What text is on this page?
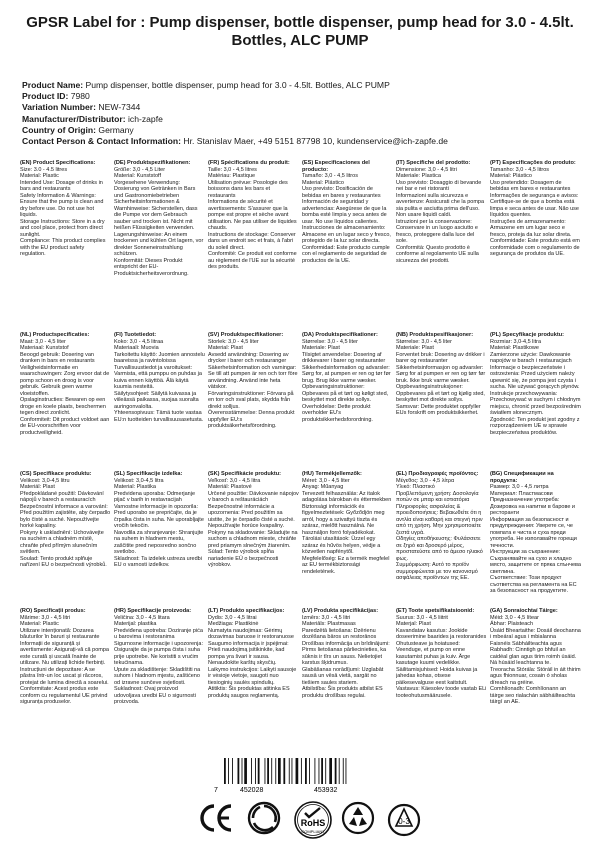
GPSR Label for : Pump dispenser, bottle dispenser, pump head for 3.0 - 4.5lt. Bottles, ALC PUMP
Product Name: Pump dispenser, bottle dispenser, pump head for 3.0 - 4.5lt. Bottles, ALC PUMP
Product ID: 7980
Variation Number: NEW-7344
Manufacturer/Distributor: ich-zapfe
Country of Origin: Germany
Contact Person & Contact Information: Hr. Stanislav Maer, +49 5151 87798 10, kundenservice@ich-zapfe.de
(EN) Product Specifications:
Size: 3.0 - 4.5 litres
Material: Plastic
Intended Use: Dosage of drinks in bars and restaurants
Safety Information & Warnings: Ensure that the pump is clean and dry before use. Do not use hot liquids.
Storage Instructions: Store in a dry and cool place, protect from direct sunlight.
Compliance: This product complies with the EU product safety regulation.
(DE) Produktspezifikationen:
Größe: 3,0 - 4,5 Liter
Material: Kunststoff
Vorgesehene Verwendung: Dosierung von Getränken in Bars und Gastronomiebetrieben
Sicherheitsinformationen & Warnhinweise: Sicherstellen, dass die Pumpe vor dem Gebrauch sauber und trocken ist. Nicht mit heißen Flüssigkeiten verwenden.
Lagerungshinweise: An einem trockenen und kühlen Ort lagern, vor direkter Sonneneinstrahlung schützen.
Konformität: Dieses Produkt entspricht der EU-Produktsicherheitsverordnung.
(FR) Spécifications du produit:
Taille: 3,0 - 4,5 litres
Matériau: Plastique
Utilisation prévue: Posologie des boissons dans les bars et restaurants
Informations de sécurité et avertissements: S'assurer que la pompe est propre et sèche avant utilisation. Ne pas utiliser de liquides chauds.
Instructions de stockage: Conserver dans un endroit sec et frais, à l'abri du soleil direct.
Conformité: Ce produit est conforme au règlement de l'UE sur la sécurité des produits.
(ES) Especificaciones del producto:
Tamaño: 3,0 - 4,5 litros
Material: Plástico
Uso previsto: Dosificación de bebidas en bares y restaurantes
Información de seguridad y advertencias: Asegúrese de que la bomba esté limpia y seca antes de usar. No use líquidos calientes.
Instrucciones de almacenamiento: Almacene en un lugar seco y fresco, protegido de la luz solar directa.
Conformidad: Este producto cumple con el reglamento de seguridad de productos de la UE.
(IT) Specifiche del prodotto:
Dimensione: 3,0 - 4,5 litri
Materiale: Plastica
Uso previsto: Dosaggio di bevande nei bar e nei ristoranti
Informazioni sulla sicurezza e avvertenze: Assicurati che la pompa sia pulita e asciutta prima dell'uso. Non usare liquidi caldi.
Istruzioni per la conservazione: Conservare in un luogo asciutto e fresco, proteggere dalla luce del sole.
Conformità: Questo prodotto è conforme al regolamento UE sulla sicurezza dei prodotti.
(PT) Especificações do produto:
Tamanho: 3,0 - 4,5 litros
Material: Plástico
Uso pretendido: Dosagem de bebidas em bares e restaurantes
Informações de segurança e avisos: Certifique-se de que a bomba está limpa e seca antes de usar. Não use líquidos quentes.
Instruções de armazenamento: Armazene em um lugar seco e fresco, proteja da luz solar direta.
Conformidade: Este produto está em conformidade com o regulamento de segurança de produtos da UE.
(NL) Productspecificaties:
Maat: 3,0 - 4,5 liter
Materiaal: Kunststof
Beoogd gebruik: Dosering van dranken in bars en restaurants
Veiligheidsinformatie en waarschuwingen: Zorg ervoor dat de pomp schoon en droog is voor gebruik. Gebruik geen warme vloeistoffen.
Opslaginstructies: Bewaren op een droge en koele plaats, beschermen tegen direct zonlicht.
Conformiteit: Dit product voldoet aan de EU-voorschriften voor productveiligheid.
(FI) Tuotetiedot:
Koko: 3,0 - 4,5 litraa
Materiaali: Muovia
Tarkoitettu käyttö: Juomien annostelu baareissa ja ravintoloissa
Turvallisuustiedot ja varoitukset: Varmista, että pumppu on puhdas ja kuiva ennen käyttöä. Älä käytä kuumia nesteitä.
Säilytysohjeet: Säilytä kuivassa ja viileässä paikassa, suojaa suoralta auringonvalolta.
Yhteensopivuus: Tämä tuote vastaa EU:n tuotteiden turvallisuusasetusta.
(SV) Produktspecifikationer:
Storlek: 3,0 - 4,5 liter
Material: Plast
Avsedd användning: Dosering av drycker i barer och restauranger
Säkerhetsinformation och varningar: Se till att pumpen är ren och torr före användning. Använd inte heta vätskor.
Förvaringsinstruktioner: Förvara på en torr och sval plats, skydda från direkt solljus.
Överensstämmelse: Denna produkt uppfyller EU:s produktsäkerhetsförordning.
(DA) Produktspecifikationer:
Størrelse: 3,0 - 4,5 liter
Materiale: Plast
Tilsigtet anvendelse: Dosering af drikkevarer i barer og restauranter
Sikkerhedsinformation og advarsler: Sørg for, at pumpen er ren og tør før brug. Brug ikke varme væsker.
Opbevaringsinstruktioner: Opbevares på et tørt og køligt sted, beskyttet mod direkte sollys.
Overholdelse: Dette produkt overholder EU's produktsikkerhedsforordning.
(NB) Produktspesifikasjoner:
Størrelse: 3,0 - 4,5 liter
Materiale: Plast
Forventet bruk: Dosering av drikker i barer og restauranter
Sikkerhetsinformasjon og advarsler: Sørg for at pumpen er ren og tørr før bruk. Ikke bruk varme væsker.
Oppbevaringsinstruksjoner: Oppbevares på et tørt og kjølig sted, beskyttet mot direkte sollys.
Samsvar: Dette produktet oppfyller EUs forskrift om produktsikkerhet.
(PL) Specyfikacje produktu:
Rozmiar: 3,0-4,5 litra
Materiał: Plastikowe
Zamierzone użycie: Dawkowanie napojów w barach i restauracjach
Informacje o bezpieczeństwie i ostrzeżenia: Przed użyciem należy upewnić się, że pompa jest czysta i sucha. Nie używać gorących płynów.
Instrukcje przechowywania: Przechowywać w suchym i chłodnym miejscu, chronić przed bezpośrednim światłem słonecznym.
Zgodność: Ten produkt jest zgodny z rozporządzeniem UE w sprawie bezpieczeństwa produktów.
(CS) Specifikace produktu:
Velikost: 3,0-4,5 litru
Materiál: Plast
Předpokládané použití: Dávkování nápojů v barech a restauracích
Bezpečnostní informace a varování: Před použitím zajistěte, aby čerpadlo bylo čisté a suché. Nepoužívejte horké kapaliny.
Pokyny k uskladnění: Uchovávejte na suchém a chladném místě, chraňte před přímým slunečním světlem.
Soulad: Tento produkt splňuje nařízení EU o bezpečnosti výrobků.
(SL) Specifikacije izdelka:
Velikost: 3,0-4,5 litra
Material: Plastika
Predvidena uporaba: Odmerjanje pijač v barih in restavracijah
Varnostne informacije in opozorila: Pred uporabo se prepričajte, da je črpalka čista in suha. Ne uporabljajte vročih tekočin.
Navodila za shranjevanje: Shranjujte na suhem in hladnem mestu, zaščitite pred neposredno sončno svetlobo.
Skladnost: Ta izdelek ustreza uredbi EU o varnosti izdelkov.
(SK) Špecifikácie produktu:
Veľkosť: 3,0 - 4,5 litra
Materiál: Plastové
Určené použitie: Dávkovanie nápojov v baroch a reštauráciách
Bezpečnostné informácie a upozornenia: Pred použitím sa uistite, že je čerpadlo čisté a suché. Nepoužívajte horúce kvapaliny.
Pokyny na skladovanie: Skladujte na suchom a chladnom mieste, chráňte pred priamym slnečným žiarením.
Súlad: Tento výrobok spĺňa nariadenie EÚ o bezpečnosti výrobkov.
(HU) Termékjellemzők:
Méret: 3,0 - 4,5 liter
Anyag: Műanyag
Tervezett felhasználás: Az italok adagolása bárokban és éttermekben
Biztonsági információk és figyelmeztetések: Győződjön meg arról, hogy a szivattyú tiszta és száraz, mielőtt használná. Ne használjon forró folyadékokat.
Tárolási utasítások: Üzzel egy száraz és hűvös helyen, védje a közvetlen napfénytől.
Megfelelőség: Ez a termék megfelel az EU termékbiztonsági rendeletének.
(EL) Προδιαγραφές προϊόντος:
Μέγεθος: 3,0 - 4,5 λίτρα
Υλικό: Πλαστικό
Προβλεπόμενη χρήση: Δοσολογία ποτών σε μπαρ και εστιατόρια
Πληροφορίες ασφαλείας & προειδοποιήσεις: Βεβαιωθείτε ότι η αντλία είναι καθαρή και στεγνή πριν από τη χρήση. Μην χρησιμοποιείτε ζεστά υγρά.
Οδηγίες αποθήκευσης: Φυλάσσετε σε ξηρό και δροσερό μέρος, προστατεύστε από το άμεσο ηλιακό φως.
Συμμόρφωση: Αυτό το προϊόν συμμορφώνεται με τον κανονισμό ασφάλειας προϊόντων της ΕΕ.
(BG) Спецификации на продукта:
Размер: 3,0 - 4,5 литра
Материал: Пластмасови
Предназначение употреба: Дозировка на напитки в барове и ресторанти
Информация за безопасност и предупреждения: Уверете се, че помпата е чиста и суха преди употреба. Не използвайте горещи течности.
Инструкции за съхранение: Съхранявайте на сухо и хладно място, защитете от пряка слънчева светлина.
Съответствие: Този продукт съответства на регламента на ЕС за безопасност на продуктите.
(RO) Specificații produs:
Mărime: 3,0 - 4,5 litri
Material: Plastic
Utilizare intenționată: Dozarea băuturilor în baruri și restaurante
Informații de siguranță și avertismente: Asigurați-vă că pompa este curată și uscată înainte de utilizare. Nu utilizați lichide fierbinți.
Instrucțiuni de depozitare: A se păstra într-un loc uscat și răcoros, protejat de lumina directă a soarelui.
Conformitate: Acest produs este conform cu regulamentul UE privind siguranța produselor.
(HR) Specifikacije proizvoda:
Veličina: 3,0 - 4,5 litara
Materijal: plastika
Predviđena upotreba: Doziranje pića u barovima i restoranima
Sigurnosne informacije i upozorenja: Osigurajte da je pumpa čista i suha prije upotrebe. Ne koristiti s vrućim tekućinama.
Upute za skladištenje: Skladištiti na suhom i hladnom mjestu, zaštićeno od izravne sunčeve svjetlosti.
Sukladnost: Ovaj proizvod udovoljava uredbi EU o sigurnosti proizvoda.
(LT) Produkto specifikacijos:
Dydis: 3,0 - 4,5 litrai
Medžiaga: Plastikinė
Numatyta naudojimas: Gėrimų dozavimas baruose ir restoranuose
Saugumo informacija ir įspėjimai: Prieš naudojimą įsitikinkite, kad pompa yra švari ir sausa. Nenaudokite karštų skysčių.
Laikymo instrukcijos: Laikyti sausoje ir vėsioje vietoje, saugoti nuo tiesioginių saulės spindulių.
Atitiktis: Šis produktas atitinka ES produktų saugos reglamentą.
(LV) Produkta specifikācijas:
Izmērs: 3,0 - 4,5 litri
Materiāls: Plastmasas
Paredzētā lietošana: Dzērienu dozēšana bāros un restorānos
Drošības informācija un brīdinājumi: Pirms lietošanas pārliecinieties, ka sūknis ir tīrs un sauss. Nelietojiet karstus šķidrumus.
Glabāšanas norādījumi: Uzglabāt sausā un vēsā vietā, sargāt no tiešiem saules stariem.
Atbilstība: Šis produkts atbilst ES produktu drošības regulai.
(ET) Toote spetsifikatsioonid:
Suurus: 3,0 - 4,5 liitrit
Materjal: Plast
Kavandatav kasutus: Jookide doseerimine baarides ja restoranides
Ohutusteave ja hoiatused: Veenduge, et pump on enne kasutamist puhas ja kuiv. Ärge kasutage kuumi vedelikke.
Säilitamisjuhised: Hoida kuivas ja jahedas kohas, otsese päikesevalguse eest kaitstult.
Vastavus: Käesolev toode vastab ELi tooteohutusmäärusele.
(GA) Sonraíochtaí Táirge:
Méid: 3,0 - 4,5 lítear
Ábhar: Plaisteach
Úsáid Bheartaithe: Dosáil deochanna i mbeáraí agus i mbialanna
Faisnéis Sábháilteachta agus Rabhadh: Cinntigh go bhfuil an caidéal glan agus tirim roimh úsáid. Ná húsáid leachtanna te.
Treoracha Stórála: Stóráil in áit thirim agus fhionnuar, cosain ó sholas díreach na gréine.
Comhlíonadh: Comhlíonann an táirge seo rialachán sábháilteachta táirgí an AE.
7	452028	453932
RoHS
COMPLIANT
0-3
